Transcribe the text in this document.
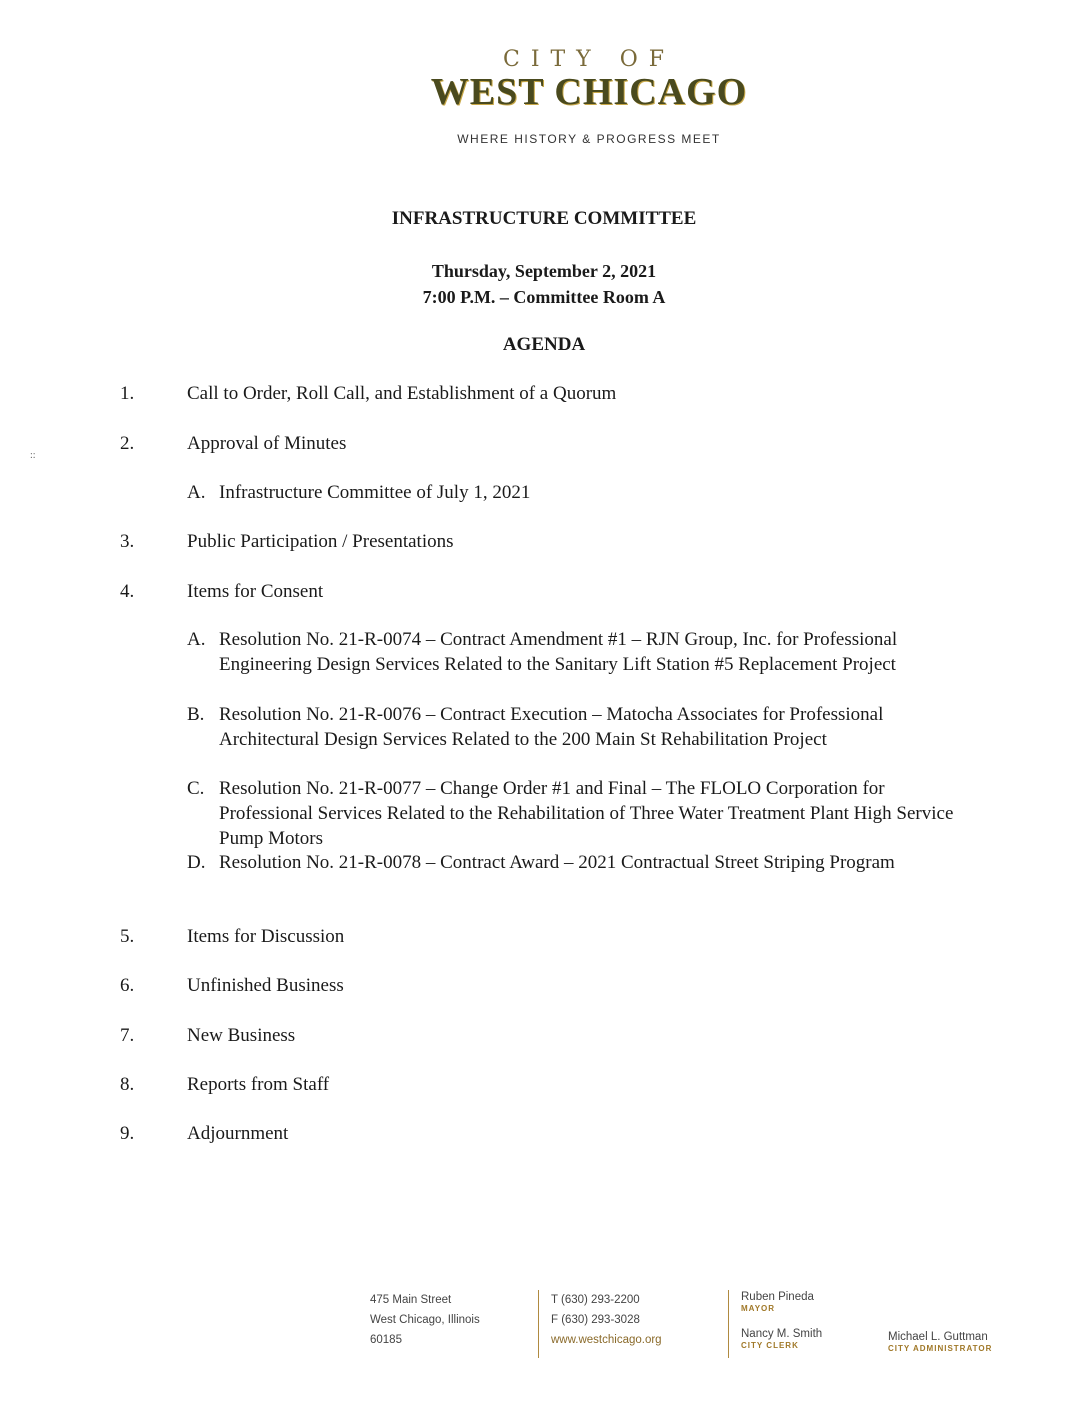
CITY OF
WEST CHICAGO
WHERE HISTORY & PROGRESS MEET
INFRASTRUCTURE COMMITTEE
Thursday, September 2, 2021
7:00 P.M. – Committee Room A
AGENDA
::
1.	Call to Order, Roll Call, and Establishment of a Quorum
2.	Approval of Minutes
A. Infrastructure Committee of July 1, 2021
3.	Public Participation / Presentations
4.	Items for Consent
A. Resolution No. 21-R-0074 – Contract Amendment #1 – RJN Group, Inc. for Professional Engineering Design Services Related to the Sanitary Lift Station #5 Replacement Project
B. Resolution No. 21-R-0076 – Contract Execution – Matocha Associates for Professional Architectural Design Services Related to the 200 Main St Rehabilitation Project
C. Resolution No. 21-R-0077 – Change Order #1 and Final – The FLOLO Corporation for Professional Services Related to the Rehabilitation of Three Water Treatment Plant High Service Pump Motors
D. Resolution No. 21-R-0078 – Contract Award – 2021 Contractual Street Striping Program
5.	Items for Discussion
6.	Unfinished Business
7.	New Business
8.	Reports from Staff
9.	Adjournment
475 Main Street
West Chicago, Illinois
60185
T (630) 293-2200
F (630) 293-3028
www.westchicago.org
Ruben Pineda
MAYOR
Nancy M. Smith
CITY CLERK
Michael L. Guttman
CITY ADMINISTRATOR
